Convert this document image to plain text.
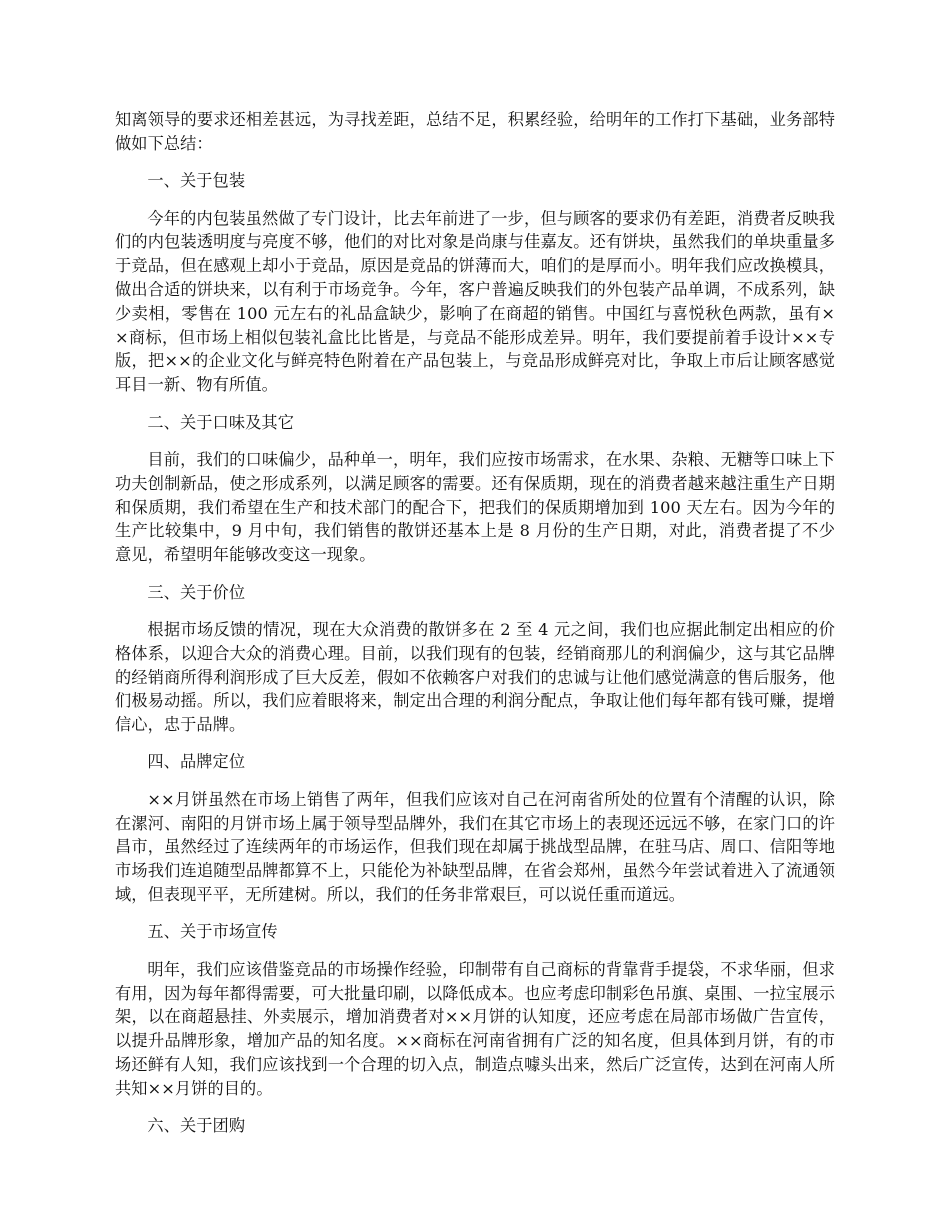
知离领导的要求还相差甚远，为寻找差距，总结不足，积累经验，给明年的工作打下基础，业务部特做如下总结：

一、关于包装

今年的内包装虽然做了专门设计，比去年前进了一步，但与顾客的要求仍有差距，消费者反映我们的内包装透明度与亮度不够，他们的对比对象是尚康与佳嘉友。还有饼块，虽然我们的单块重量多于竞品，但在感观上却小于竞品，原因是竞品的饼薄而大，咱们的是厚而小。明年我们应改换模具，做出合适的饼块来，以有利于市场竞争。今年，客户普遍反映我们的外包装产品单调，不成系列，缺少卖相，零售在 100 元左右的礼品盒缺少，影响了在商超的销售。中国红与喜悦秋色两款，虽有××商标，但市场上相似包装礼盒比比皆是，与竞品不能形成差异。明年，我们要提前着手设计××专版，把××的企业文化与鲜亮特色附着在产品包装上，与竞品形成鲜亮对比，争取上市后让顾客感觉耳目一新、物有所值。

二、关于口味及其它

目前，我们的口味偏少，品种单一，明年，我们应按市场需求，在水果、杂粮、无糖等口味上下功夫创制新品，使之形成系列，以满足顾客的需要。还有保质期，现在的消费者越来越注重生产日期和保质期，我们希望在生产和技术部门的配合下，把我们的保质期增加到 100 天左右。因为今年的生产比较集中，9 月中旬，我们销售的散饼还基本上是 8 月份的生产日期，对此，消费者提了不少意见，希望明年能够改变这一现象。

三、关于价位

根据市场反馈的情况，现在大众消费的散饼多在 2 至 4 元之间，我们也应据此制定出相应的价格体系，以迎合大众的消费心理。目前，以我们现有的包装，经销商那儿的利润偏少，这与其它品牌的经销商所得利润形成了巨大反差，假如不依赖客户对我们的忠诚与让他们感觉满意的售后服务，他们极易动摇。所以，我们应着眼将来，制定出合理的利润分配点，争取让他们每年都有钱可赚，提增信心，忠于品牌。

四、品牌定位

××月饼虽然在市场上销售了两年，但我们应该对自己在河南省所处的位置有个清醒的认识，除在漯河、南阳的月饼市场上属于领导型品牌外，我们在其它市场上的表现还远远不够，在家门口的许昌市，虽然经过了连续两年的市场运作，但我们现在却属于挑战型品牌，在驻马店、周口、信阳等地市场我们连追随型品牌都算不上，只能伦为补缺型品牌，在省会郑州，虽然今年尝试着进入了流通领域，但表现平平，无所建树。所以，我们的任务非常艰巨，可以说任重而道远。

五、关于市场宣传

明年，我们应该借鉴竞品的市场操作经验，印制带有自己商标的背靠背手提袋，不求华丽，但求有用，因为每年都得需要，可大批量印刷，以降低成本。也应考虑印制彩色吊旗、桌围、一拉宝展示架，以在商超悬挂、外卖展示，增加消费者对××月饼的认知度，还应考虑在局部市场做广告宣传，以提升品牌形象，增加产品的知名度。××商标在河南省拥有广泛的知名度，但具体到月饼，有的市场还鲜有人知，我们应该找到一个合理的切入点，制造点噱头出来，然后广泛宣传，达到在河南人所共知××月饼的目的。

六、关于团购
